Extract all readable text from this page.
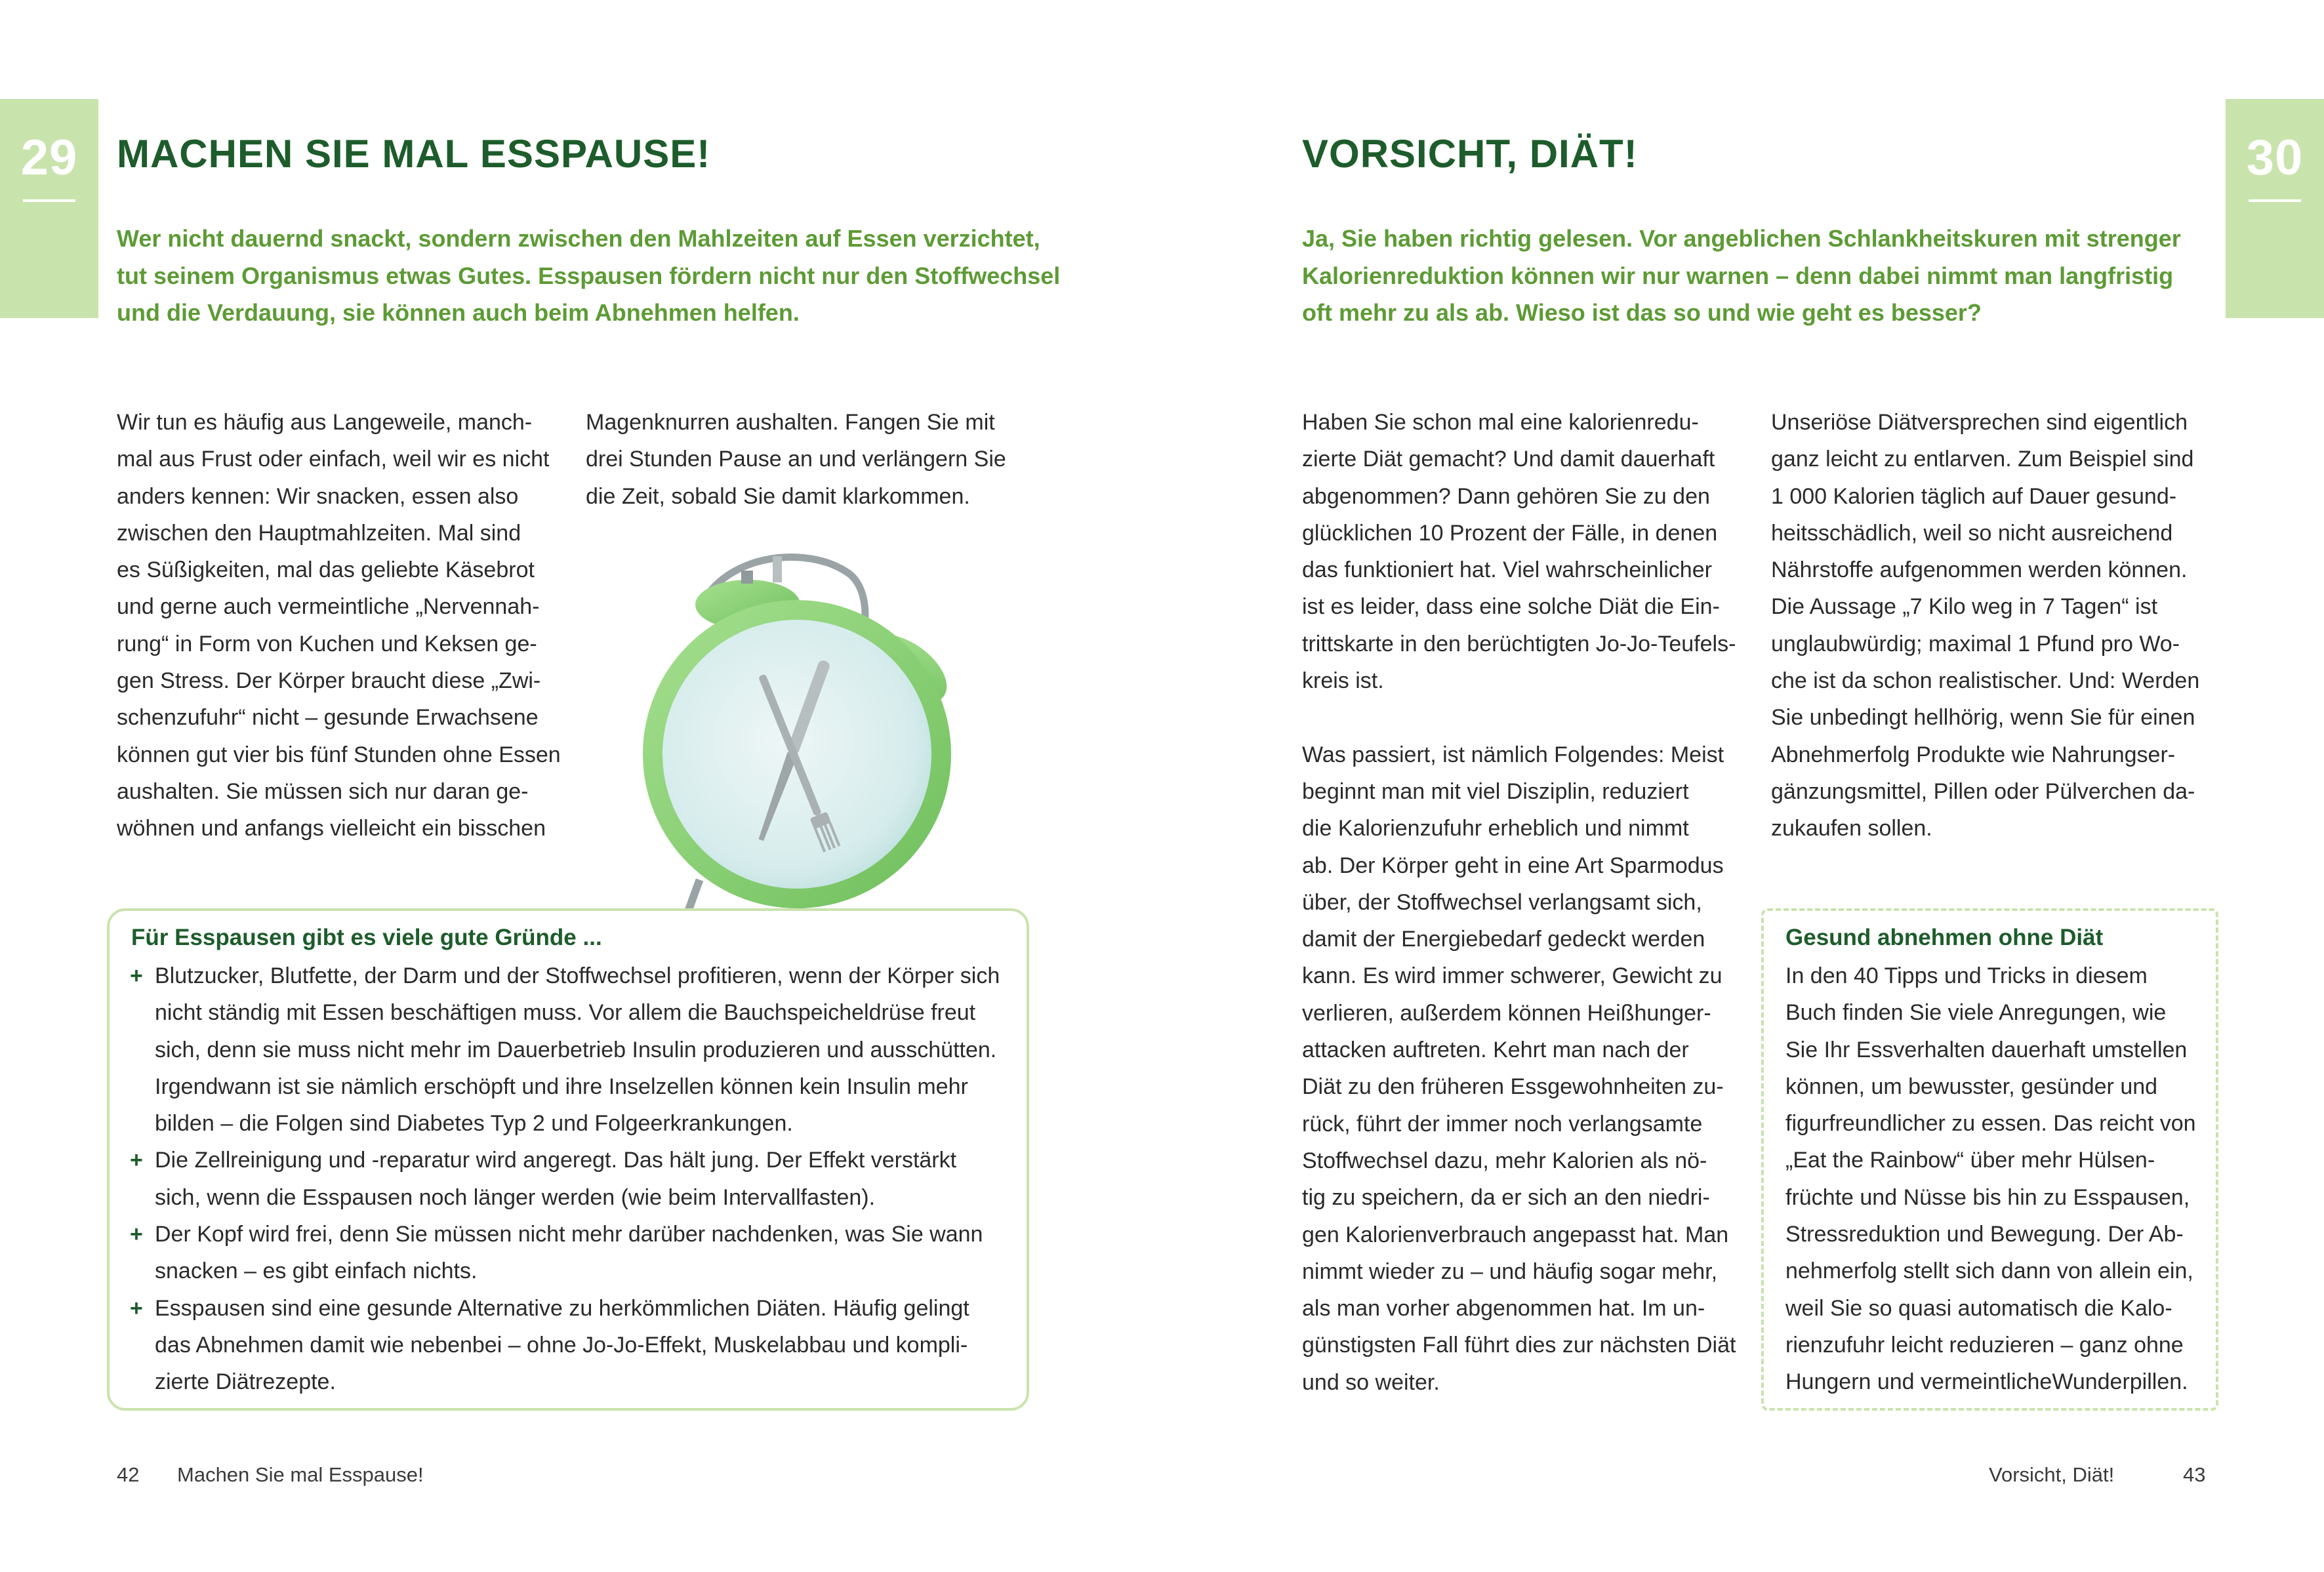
29 MACHEN SIE MAL ESSPAUSE!
Wer nicht dauernd snackt, sondern zwischen den Mahlzeiten auf Essen verzichtet,
tut seinem Organismus etwas Gutes. Esspausen fördern nicht nur den Stoffwechsel
und die Verdauung, sie können auch beim Abnehmen helfen.
Wir tun es häufig aus Langeweile, manch-
mal aus Frust oder einfach, weil wir es nicht
anders kennen: Wir snacken, essen also
zwischen den Hauptmahlzeiten. Mal sind
es Süßigkeiten, mal das geliebte Käsebrot
und gerne auch vermeintliche „Nervennah-
rung“ in Form von Kuchen und Keksen ge-
gen Stress. Der Körper braucht diese „Zwi-
schenzufuhr“ nicht – gesunde Erwachsene
können gut vier bis fünf Stunden ohne Essen
aushalten. Sie müssen sich nur daran ge-
wöhnen und anfangs vielleicht ein bisschen
Magenknurren aushalten. Fangen Sie mit
drei Stunden Pause an und verlängern Sie
die Zeit, sobald Sie damit klarkommen.
Für Esspausen gibt es viele gute Gründe ...
+ Blutzucker, Blutfette, der Darm und der Stoffwechsel profitieren, wenn der Körper sich
nicht ständig mit Essen beschäftigen muss. Vor allem die Bauchspeicheldrüse freut
sich, denn sie muss nicht mehr im Dauerbetrieb Insulin produzieren und ausschütten.
Irgendwann ist sie nämlich erschöpft und ihre Inselzellen können kein Insulin mehr
bilden – die Folgen sind Diabetes Typ 2 und Folgeerkrankungen.
+ Die Zellreinigung und -reparatur wird angeregt. Das hält jung. Der Effekt verstärkt
sich, wenn die Esspausen noch länger werden (wie beim Intervallfasten).
+ Der Kopf wird frei, denn Sie müssen nicht mehr darüber nachdenken, was Sie wann
snacken – es gibt einfach nichts.
+ Esspausen sind eine gesunde Alternative zu herkömmlichen Diäten. Häufig gelingt
das Abnehmen damit wie nebenbei – ohne Jo-Jo-Effekt, Muskelabbau und kompli-
zierte Diätrezepte.
42 Machen Sie mal Esspause!
30
VORSICHT, DIÄT!
Ja, Sie haben richtig gelesen. Vor angeblichen Schlankheitskuren mit strenger
Kalorienreduktion können wir nur warnen – denn dabei nimmt man langfristig
oft mehr zu als ab. Wieso ist das so und wie geht es besser?
Haben Sie schon mal eine kalorienredu-
zierte Diät gemacht? Und damit dauerhaft
abgenommen? Dann gehören Sie zu den
glücklichen 10 Prozent der Fälle, in denen
das funktioniert hat. Viel wahrscheinlicher
ist es leider, dass eine solche Diät die Ein-
trittskarte in den berüchtigten Jo-Jo-Teufels-
kreis ist.
Was passiert, ist nämlich Folgendes: Meist
beginnt man mit viel Disziplin, reduziert
die Kalorienzufuhr erheblich und nimmt
ab. Der Körper geht in eine Art Sparmodus
über, der Stoffwechsel verlangsamt sich,
damit der Energiebedarf gedeckt werden
kann. Es wird immer schwerer, Gewicht zu
verlieren, außerdem können Heißhunger-
attacken auftreten. Kehrt man nach der
Diät zu den früheren Essgewohnheiten zu-
rück, führt der immer noch verlangsamte
Stoffwechsel dazu, mehr Kalorien als nö-
tig zu speichern, da er sich an den niedri-
gen Kalorienverbrauch angepasst hat. Man
nimmt wieder zu – und häufig sogar mehr,
als man vorher abgenommen hat. Im un-
günstigsten Fall führt dies zur nächsten Diät
und so weiter.
Unseriöse Diätversprechen sind eigentlich
ganz leicht zu entlarven. Zum Beispiel sind
1 000 Kalorien täglich auf Dauer gesund-
heitsschädlich, weil so nicht ausreichend
Nährstoffe aufgenommen werden können.
Die Aussage „7 Kilo weg in 7 Tagen“ ist
unglaubwürdig; maximal 1 Pfund pro Wo-
che ist da schon realistischer. Und: Werden
Sie unbedingt hellhörig, wenn Sie für einen
Abnehmerfolg Produkte wie Nahrungser-
gänzungsmittel, Pillen oder Pülverchen da-
zukaufen sollen.
Gesund abnehmen ohne Diät
In den 40 Tipps und Tricks in diesem
Buch finden Sie viele Anregungen, wie
Sie Ihr Essverhalten dauerhaft umstellen
können, um bewusster, gesünder und
figurfreundlicher zu essen. Das reicht von
„Eat the Rainbow“ über mehr Hülsen-
früchte und Nüsse bis hin zu Esspausen,
Stressreduktion und Bewegung. Der Ab-
nehmerfolg stellt sich dann von allein ein,
weil Sie so quasi automatisch die Kalo-
rienzufuhr leicht reduzieren – ganz ohne
Hungern und vermeintlicheWunderpillen.
Vorsicht, Diät!	43
